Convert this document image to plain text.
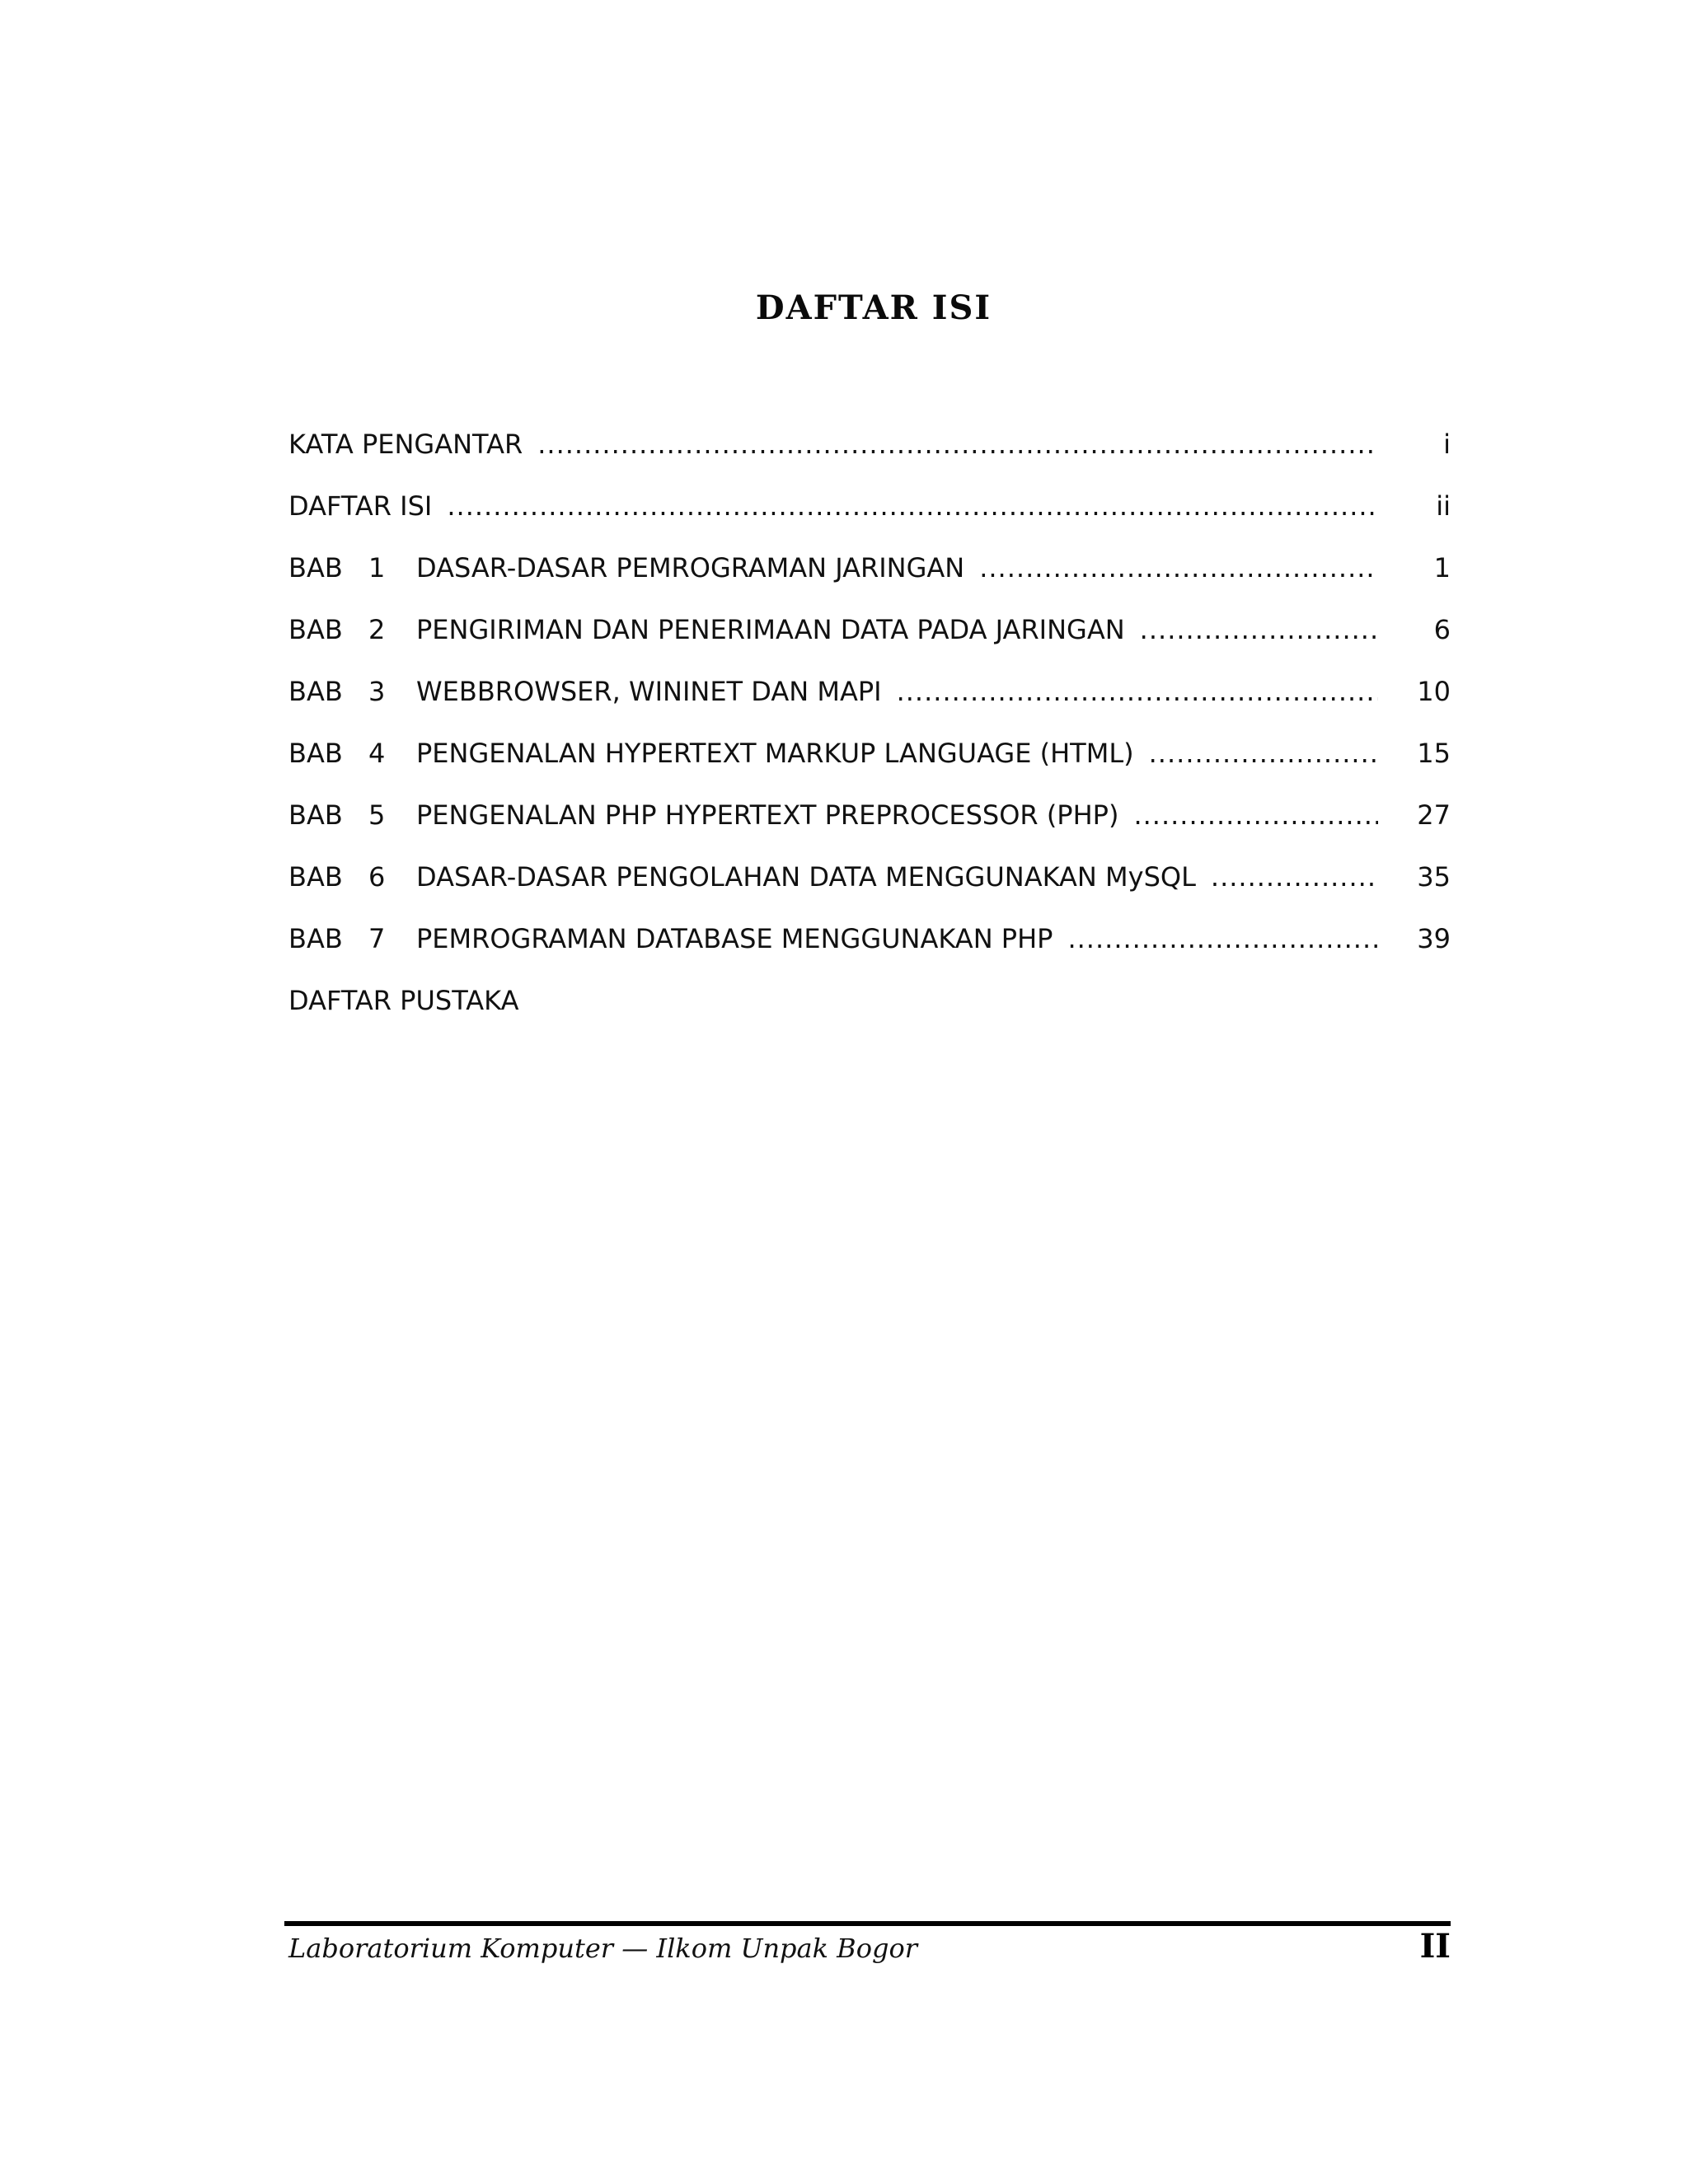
DAFTAR ISI
KATA PENGANTAR .....	i
DAFTAR ISI .....	ii
BAB 1	DASAR-DASAR PEMROGRAMAN JARINGAN .....	1
BAB 2	PENGIRIMAN DAN PENERIMAAN DATA PADA JARINGAN .....	6
BAB 3	WEBBROWSER, WININET DAN MAPI .....	10
BAB 4	PENGENALAN HYPERTEXT MARKUP LANGUAGE (HTML) .....	15
BAB 5	PENGENALAN PHP HYPERTEXT PREPROCESSOR (PHP) .....	27
BAB 6	DASAR-DASAR PENGOLAHAN DATA MENGGUNAKAN MySQL .....	35
BAB 7	PEMROGRAMAN DATABASE MENGGUNAKAN PHP .....	39
DAFTAR PUSTAKA
Laboratorium Komputer — Ilkom Unpak Bogor	II
